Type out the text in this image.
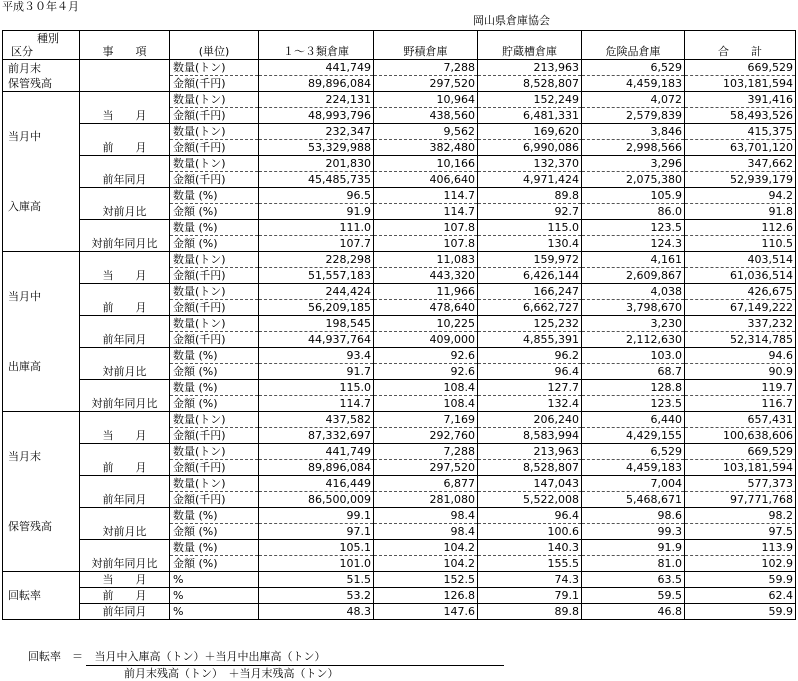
平成３０年４月
岡山県倉庫協会
種別
区分	事　　項	(単位)	１～３類倉庫	野積倉庫	貯蔵槽倉庫	危険品倉庫	合　　計

前月末
保管残高		数量(トン)	441,749	7,288	213,963	6,529	669,529
		金額(千円)	89,896,084	297,520	8,528,807	4,459,183	103,181,594

当月中
入庫高	当　　月	数量(トン)	224,131	10,964	152,249	4,072	391,416
		金額(千円)	48,993,796	438,560	6,481,331	2,579,839	58,493,526
	前　　月	数量(トン)	232,347	9,562	169,620	3,846	415,375
		金額(千円)	53,329,988	382,480	6,990,086	2,998,566	63,701,120
	前年同月	数量(トン)	201,830	10,166	132,370	3,296	347,662
		金額(千円)	45,485,735	406,640	4,971,424	2,075,380	52,939,179
	対前月比	数量 (%)	96.5	114.7	89.8	105.9	94.2
		金額 (%)	91.9	114.7	92.7	86.0	91.8
	対前年同月比	数量 (%)	111.0	107.8	115.0	123.5	112.6
		金額 (%)	107.7	107.8	130.4	124.3	110.5

当月中
出庫高	当　　月	数量(トン)	228,298	11,083	159,972	4,161	403,514
		金額(千円)	51,557,183	443,320	6,426,144	2,609,867	61,036,514
	前　　月	数量(トン)	244,424	11,966	166,247	4,038	426,675
		金額(千円)	56,209,185	478,640	6,662,727	3,798,670	67,149,222
	前年同月	数量(トン)	198,545	10,225	125,232	3,230	337,232
		金額(千円)	44,937,764	409,000	4,855,391	2,112,630	52,314,785
	対前月比	数量 (%)	93.4	92.6	96.2	103.0	94.6
		金額 (%)	91.7	92.6	96.4	68.7	90.9
	対前年同月比	数量 (%)	115.0	108.4	127.7	128.8	119.7
		金額 (%)	114.7	108.4	132.4	123.5	116.7

当月末
保管残高	当　　月	数量(トン)	437,582	7,169	206,240	6,440	657,431
		金額(千円)	87,332,697	292,760	8,583,994	4,429,155	100,638,606
	前　　月	数量(トン)	441,749	7,288	213,963	6,529	669,529
		金額(千円)	89,896,084	297,520	8,528,807	4,459,183	103,181,594
	前年同月	数量(トン)	416,449	6,877	147,043	7,004	577,373
		金額(千円)	86,500,009	281,080	5,522,008	5,468,671	97,771,768
	対前月比	数量 (%)	99.1	98.4	96.4	98.6	98.2
		金額 (%)	97.1	98.4	100.6	99.3	97.5
	対前年同月比	数量 (%)	105.1	104.2	140.3	91.9	113.9
		金額 (%)	101.0	104.2	155.5	81.0	102.9
回転率	当　　月	%	51.5	152.5	74.3	63.5	59.9
	前　　月	%	53.2	126.8	79.1	59.5	62.4
	前年同月	%	48.3	147.6	89.8	46.8	59.9
回転率　＝ 当月中入庫高（トン）＋当月中出庫高（トン）
前月末残高（トン）　＋当月末残高（トン）
